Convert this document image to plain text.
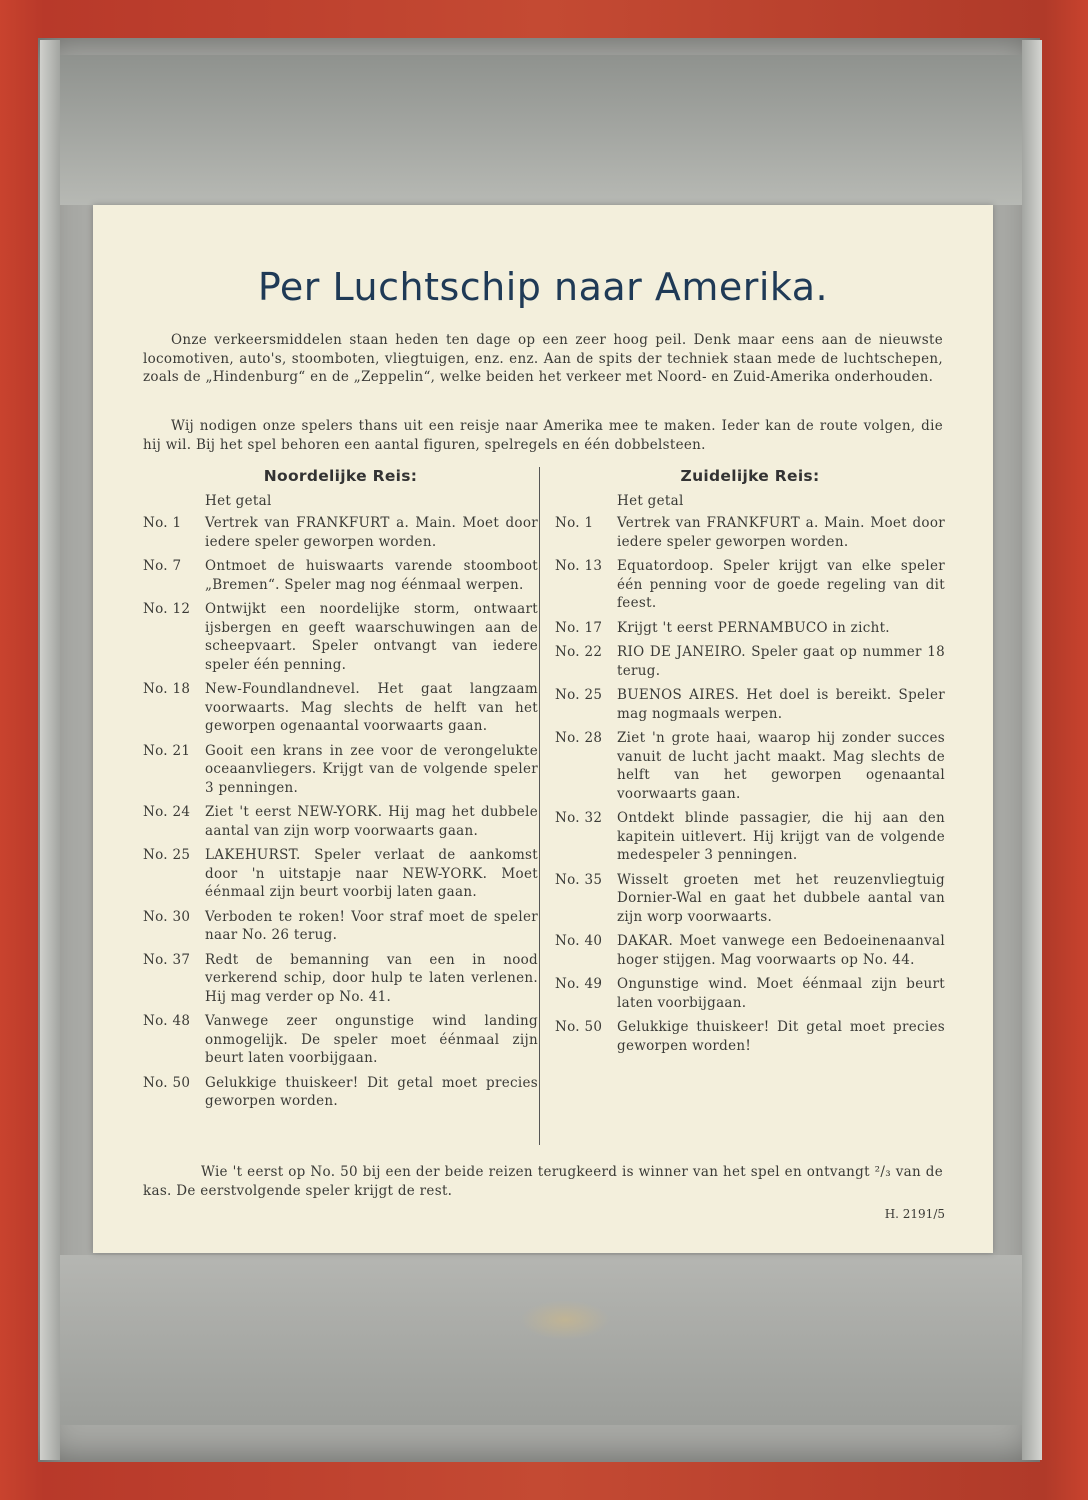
Per Luchtschip naar Amerika.
Onze verkeersmiddelen staan heden ten dage op een zeer hoog peil. Denk maar eens aan de nieuwste locomotiven, auto's, stoomboten, vliegtuigen, enz. enz. Aan de spits der techniek staan mede de luchtschepen, zoals de „Hindenburg“ en de „Zeppelin“, welke beiden het verkeer met Noord- en Zuid-Amerika onderhouden.
Wij nodigen onze spelers thans uit een reisje naar Amerika mee te maken. Ieder kan de route volgen, die hij wil. Bij het spel behoren een aantal figuren, spelregels en één dobbelsteen.
Noordelijke Reis:
Het getal
No. 1	Vertrek van FRANKFURT a. Main. Moet door iedere speler geworpen worden.
No. 7	Ontmoet de huiswaarts varende stoomboot „Bremen“. Speler mag nog éénmaal werpen.
No. 12	Ontwijkt een noordelijke storm, ontwaart ijsbergen en geeft waarschuwingen aan de scheepvaart. Speler ontvangt van iedere speler één penning.
No. 18	New-Foundlandnevel. Het gaat langzaam voorwaarts. Mag slechts de helft van het geworpen ogenaantal voorwaarts gaan.
No. 21	Gooit een krans in zee voor de verongelukte oceaanvliegers. Krijgt van de volgende speler 3 penningen.
No. 24	Ziet 't eerst NEW-YORK. Hij mag het dubbele aantal van zijn worp voorwaarts gaan.
No. 25	LAKEHURST. Speler verlaat de aankomst door 'n uitstapje naar NEW-YORK. Moet éénmaal zijn beurt voorbij laten gaan.
No. 30	Verboden te roken! Voor straf moet de speler naar No. 26 terug.
No. 37	Redt de bemanning van een in nood verkerend schip, door hulp te laten verlenen. Hij mag verder op No. 41.
No. 48	Vanwege zeer ongunstige wind landing onmogelijk. De speler moet éénmaal zijn beurt laten voorbijgaan.
No. 50	Gelukkige thuiskeer! Dit getal moet precies geworpen worden.
Zuidelijke Reis:
Het getal
No. 1	Vertrek van FRANKFURT a. Main. Moet door iedere speler geworpen worden.
No. 13	Equatordoop. Speler krijgt van elke speler één penning voor de goede regeling van dit feest.
No. 17	Krijgt 't eerst PERNAMBUCO in zicht.
No. 22	RIO DE JANEIRO. Speler gaat op nummer 18 terug.
No. 25	BUENOS AIRES. Het doel is bereikt. Speler mag nogmaals werpen.
No. 28	Ziet 'n grote haai, waarop hij zonder succes vanuit de lucht jacht maakt. Mag slechts de helft van het geworpen ogenaantal voorwaarts gaan.
No. 32	Ontdekt blinde passagier, die hij aan den kapitein uitlevert. Hij krijgt van de volgende medespeler 3 penningen.
No. 35	Wisselt groeten met het reuzenvliegtuig Dornier-Wal en gaat het dubbele aantal van zijn worp voorwaarts.
No. 40	DAKAR. Moet vanwege een Bedoeinenaanval hoger stijgen. Mag voorwaarts op No. 44.
No. 49	Ongunstige wind. Moet éénmaal zijn beurt laten voorbijgaan.
No. 50	Gelukkige thuiskeer! Dit getal moet precies geworpen worden!
Wie 't eerst op No. 50 bij een der beide reizen terugkeerd is winner van het spel en ontvangt ²/₃ van de kas. De eerstvolgende speler krijgt de rest.
H. 2191/5
